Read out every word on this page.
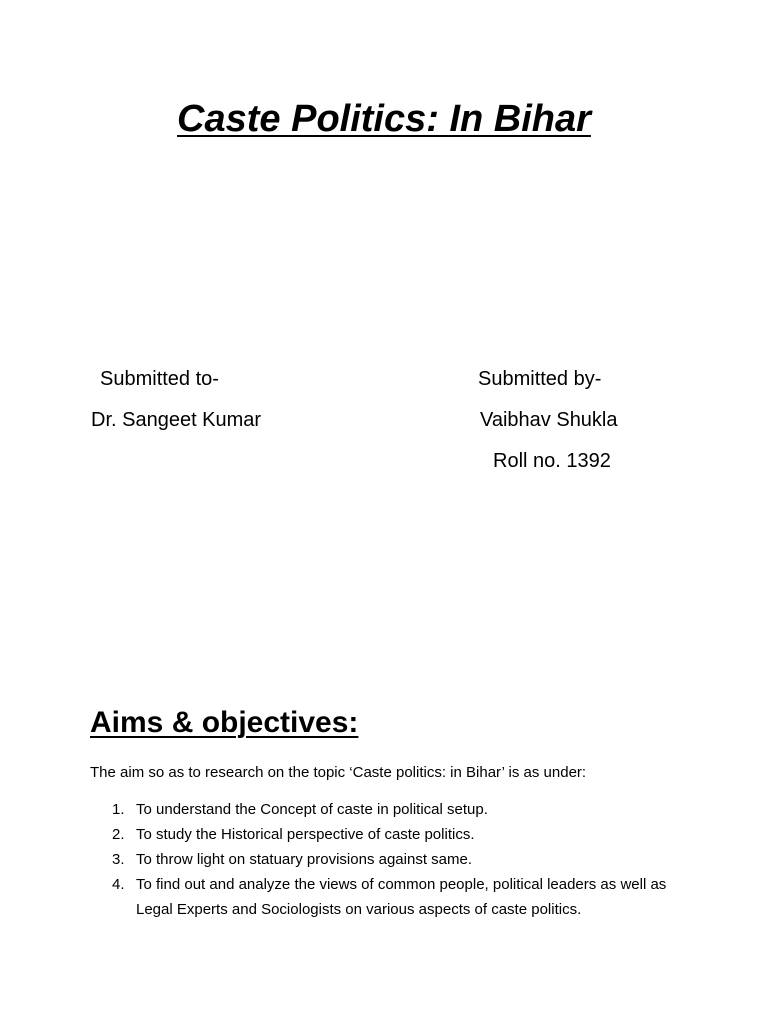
Caste Politics: In Bihar
Submitted to-
Dr. Sangeet Kumar
Submitted by-
Vaibhav Shukla
Roll no. 1392
Aims & objectives:
The aim so as to research on the topic ‘Caste politics: in Bihar’ is as under:
1. To understand the Concept of caste in political setup.
2. To study the Historical perspective of caste politics.
3. To throw light on statuary provisions against same.
4. To find out and analyze the views of common people, political leaders as well as Legal Experts and Sociologists on various aspects of caste politics.
